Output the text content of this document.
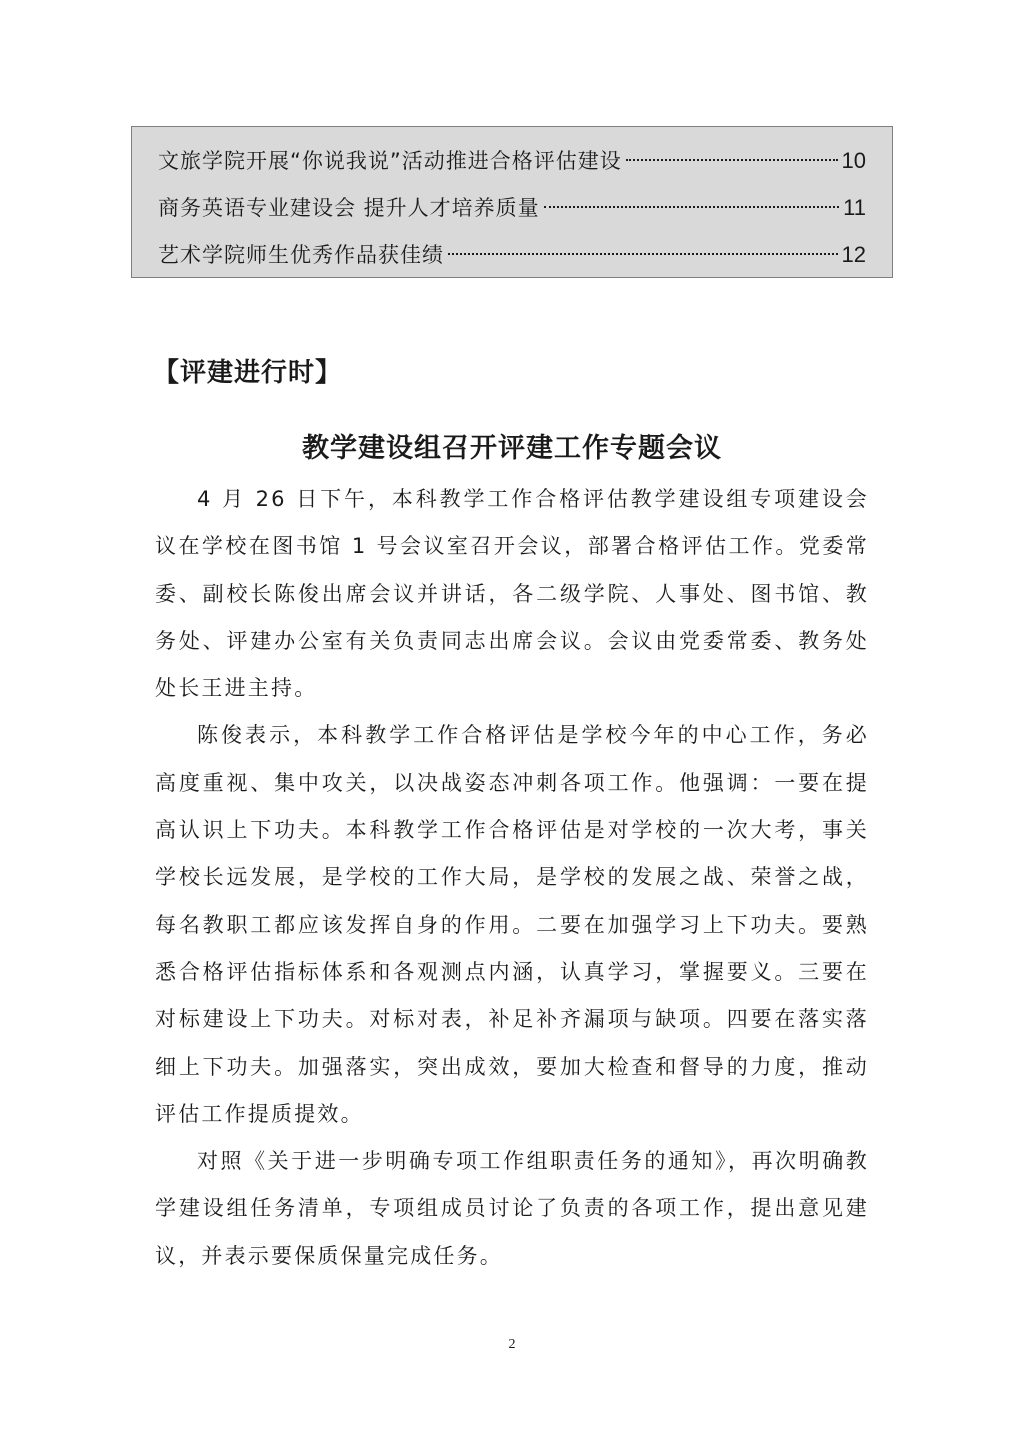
文旅学院开展“你说我说”活动推进合格评估建设	10
商务英语专业建设会 提升人才培养质量	11
艺术学院师生优秀作品获佳绩	12
【评建进行时】
教学建设组召开评建工作专题会议

4 月 26 日下午，本科教学工作合格评估教学建设组专项建设会议在学校在图书馆 1 号会议室召开会议，部署合格评估工作。党委常委、副校长陈俊出席会议并讲话，各二级学院、人事处、图书馆、教务处、评建办公室有关负责同志出席会议。会议由党委常委、教务处处长王进主持。

陈俊表示，本科教学工作合格评估是学校今年的中心工作，务必高度重视、集中攻关，以决战姿态冲刺各项工作。他强调：一要在提高认识上下功夫。本科教学工作合格评估是对学校的一次大考，事关学校长远发展，是学校的工作大局，是学校的发展之战、荣誉之战，每名教职工都应该发挥自身的作用。二要在加强学习上下功夫。要熟悉合格评估指标体系和各观测点内涵，认真学习，掌握要义。三要在对标建设上下功夫。对标对表，补足补齐漏项与缺项。四要在落实落细上下功夫。加强落实，突出成效，要加大检查和督导的力度，推动评估工作提质提效。

对照《关于进一步明确专项工作组职责任务的通知》，再次明确教学建设组任务清单，专项组成员讨论了负责的各项工作，提出意见建议，并表示要保质保量完成任务。

2
